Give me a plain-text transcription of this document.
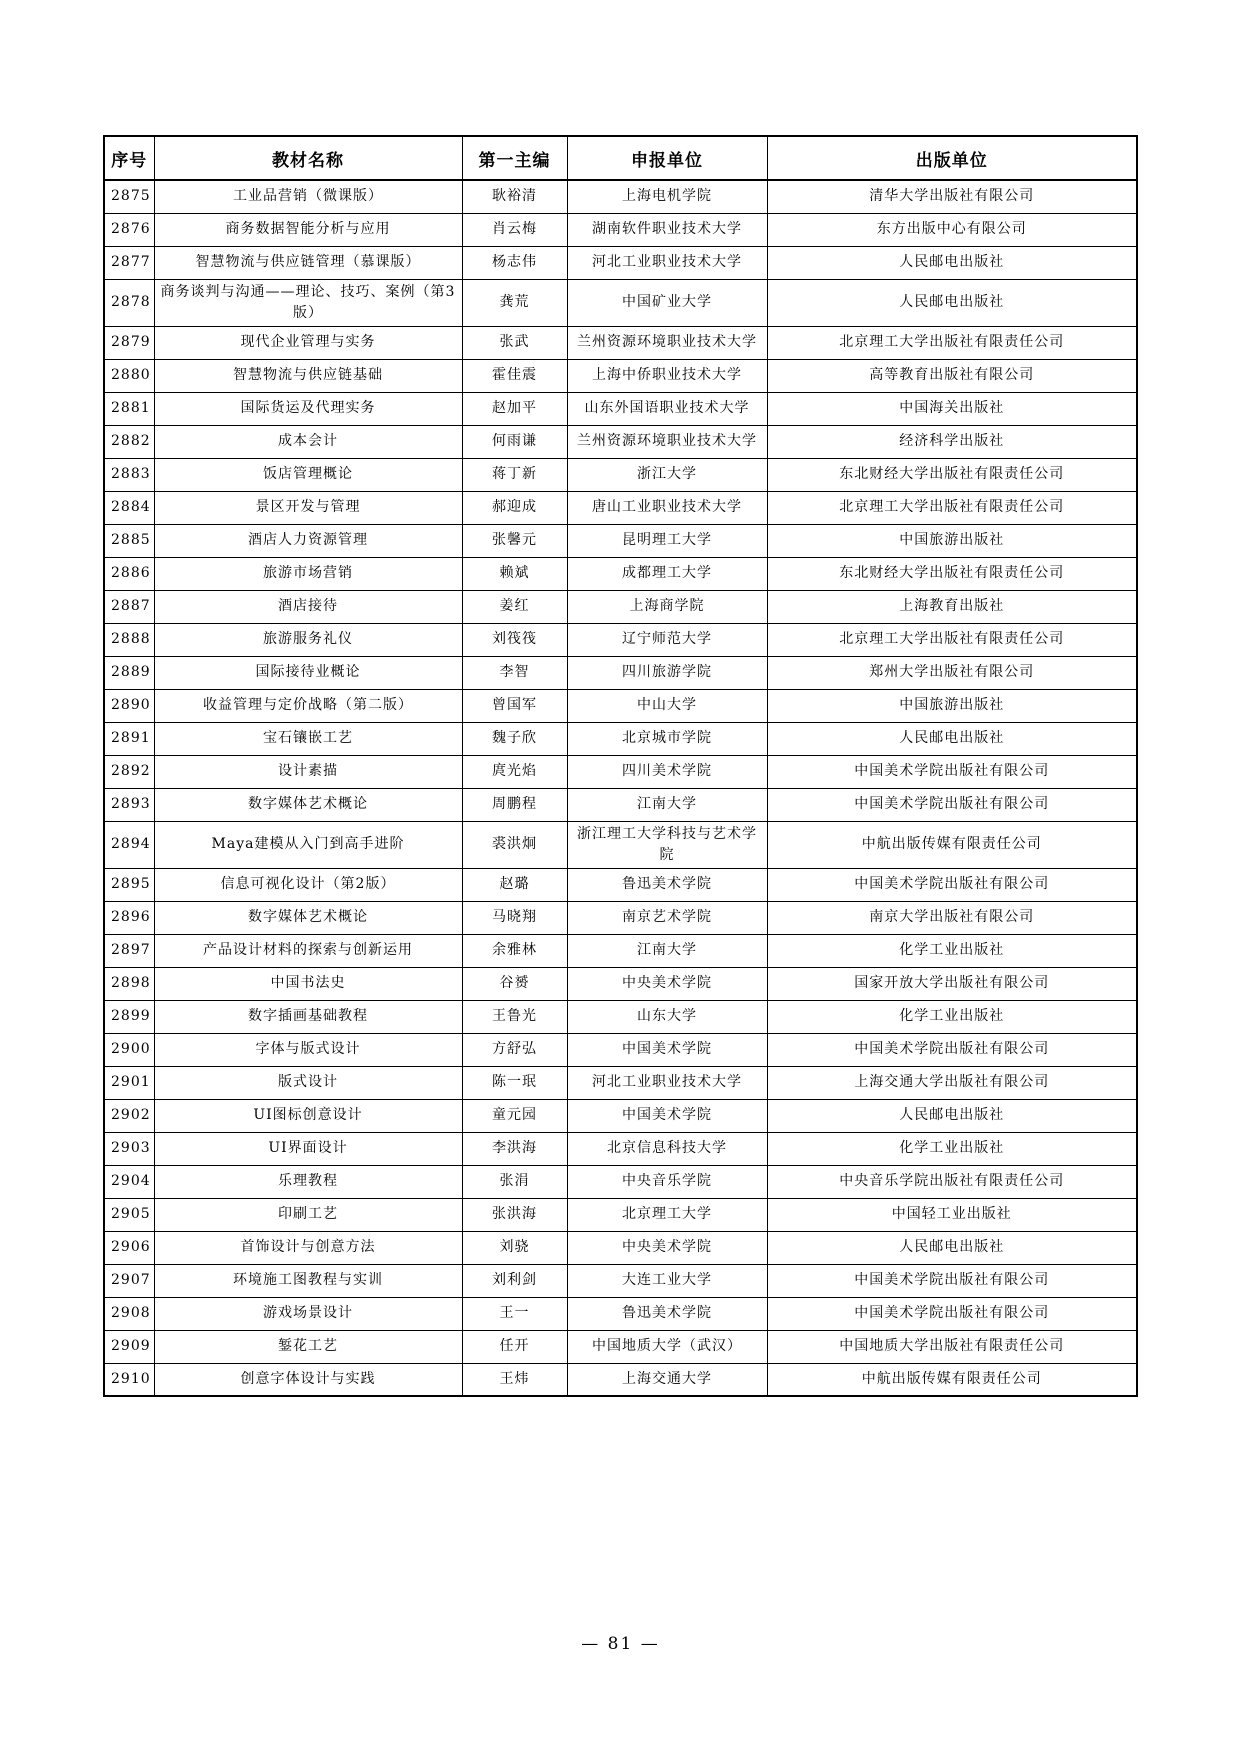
序号	教材名称	第一主编	申报单位	出版单位
2875	工业品营销（微课版）	耿裕清	上海电机学院	清华大学出版社有限公司
2876	商务数据智能分析与应用	肖云梅	湖南软件职业技术大学	东方出版中心有限公司
2877	智慧物流与供应链管理（慕课版）	杨志伟	河北工业职业技术大学	人民邮电出版社
2878	商务谈判与沟通——理论、技巧、案例（第3版）	龚荒	中国矿业大学	人民邮电出版社
2879	现代企业管理与实务	张武	兰州资源环境职业技术大学	北京理工大学出版社有限责任公司
2880	智慧物流与供应链基础	霍佳震	上海中侨职业技术大学	高等教育出版社有限公司
2881	国际货运及代理实务	赵加平	山东外国语职业技术大学	中国海关出版社
2882	成本会计	何雨谦	兰州资源环境职业技术大学	经济科学出版社
2883	饭店管理概论	蒋丁新	浙江大学	东北财经大学出版社有限责任公司
2884	景区开发与管理	郝迎成	唐山工业职业技术大学	北京理工大学出版社有限责任公司
2885	酒店人力资源管理	张馨元	昆明理工大学	中国旅游出版社
2886	旅游市场营销	赖斌	成都理工大学	东北财经大学出版社有限责任公司
2887	酒店接待	姜红	上海商学院	上海教育出版社
2888	旅游服务礼仪	刘筏筏	辽宁师范大学	北京理工大学出版社有限责任公司
2889	国际接待业概论	李智	四川旅游学院	郑州大学出版社有限公司
2890	收益管理与定价战略（第二版）	曾国军	中山大学	中国旅游出版社
2891	宝石镶嵌工艺	魏子欣	北京城市学院	人民邮电出版社
2892	设计素描	庹光焰	四川美术学院	中国美术学院出版社有限公司
2893	数字媒体艺术概论	周鹏程	江南大学	中国美术学院出版社有限公司
2894	Maya建模从入门到高手进阶	裘洪炯	浙江理工大学科技与艺术学院	中航出版传媒有限责任公司
2895	信息可视化设计（第2版）	赵璐	鲁迅美术学院	中国美术学院出版社有限公司
2896	数字媒体艺术概论	马晓翔	南京艺术学院	南京大学出版社有限公司
2897	产品设计材料的探索与创新运用	余雅林	江南大学	化学工业出版社
2898	中国书法史	谷赟	中央美术学院	国家开放大学出版社有限公司
2899	数字插画基础教程	王鲁光	山东大学	化学工业出版社
2900	字体与版式设计	方舒弘	中国美术学院	中国美术学院出版社有限公司
2901	版式设计	陈一珉	河北工业职业技术大学	上海交通大学出版社有限公司
2902	UI图标创意设计	童元园	中国美术学院	人民邮电出版社
2903	UI界面设计	李洪海	北京信息科技大学	化学工业出版社
2904	乐理教程	张涓	中央音乐学院	中央音乐学院出版社有限责任公司
2905	印刷工艺	张洪海	北京理工大学	中国轻工业出版社
2906	首饰设计与创意方法	刘骁	中央美术学院	人民邮电出版社
2907	环境施工图教程与实训	刘利剑	大连工业大学	中国美术学院出版社有限公司
2908	游戏场景设计	王一	鲁迅美术学院	中国美术学院出版社有限公司
2909	錾花工艺	任开	中国地质大学（武汉）	中国地质大学出版社有限责任公司
2910	创意字体设计与实践	王炜	上海交通大学	中航出版传媒有限责任公司
— 81 —
